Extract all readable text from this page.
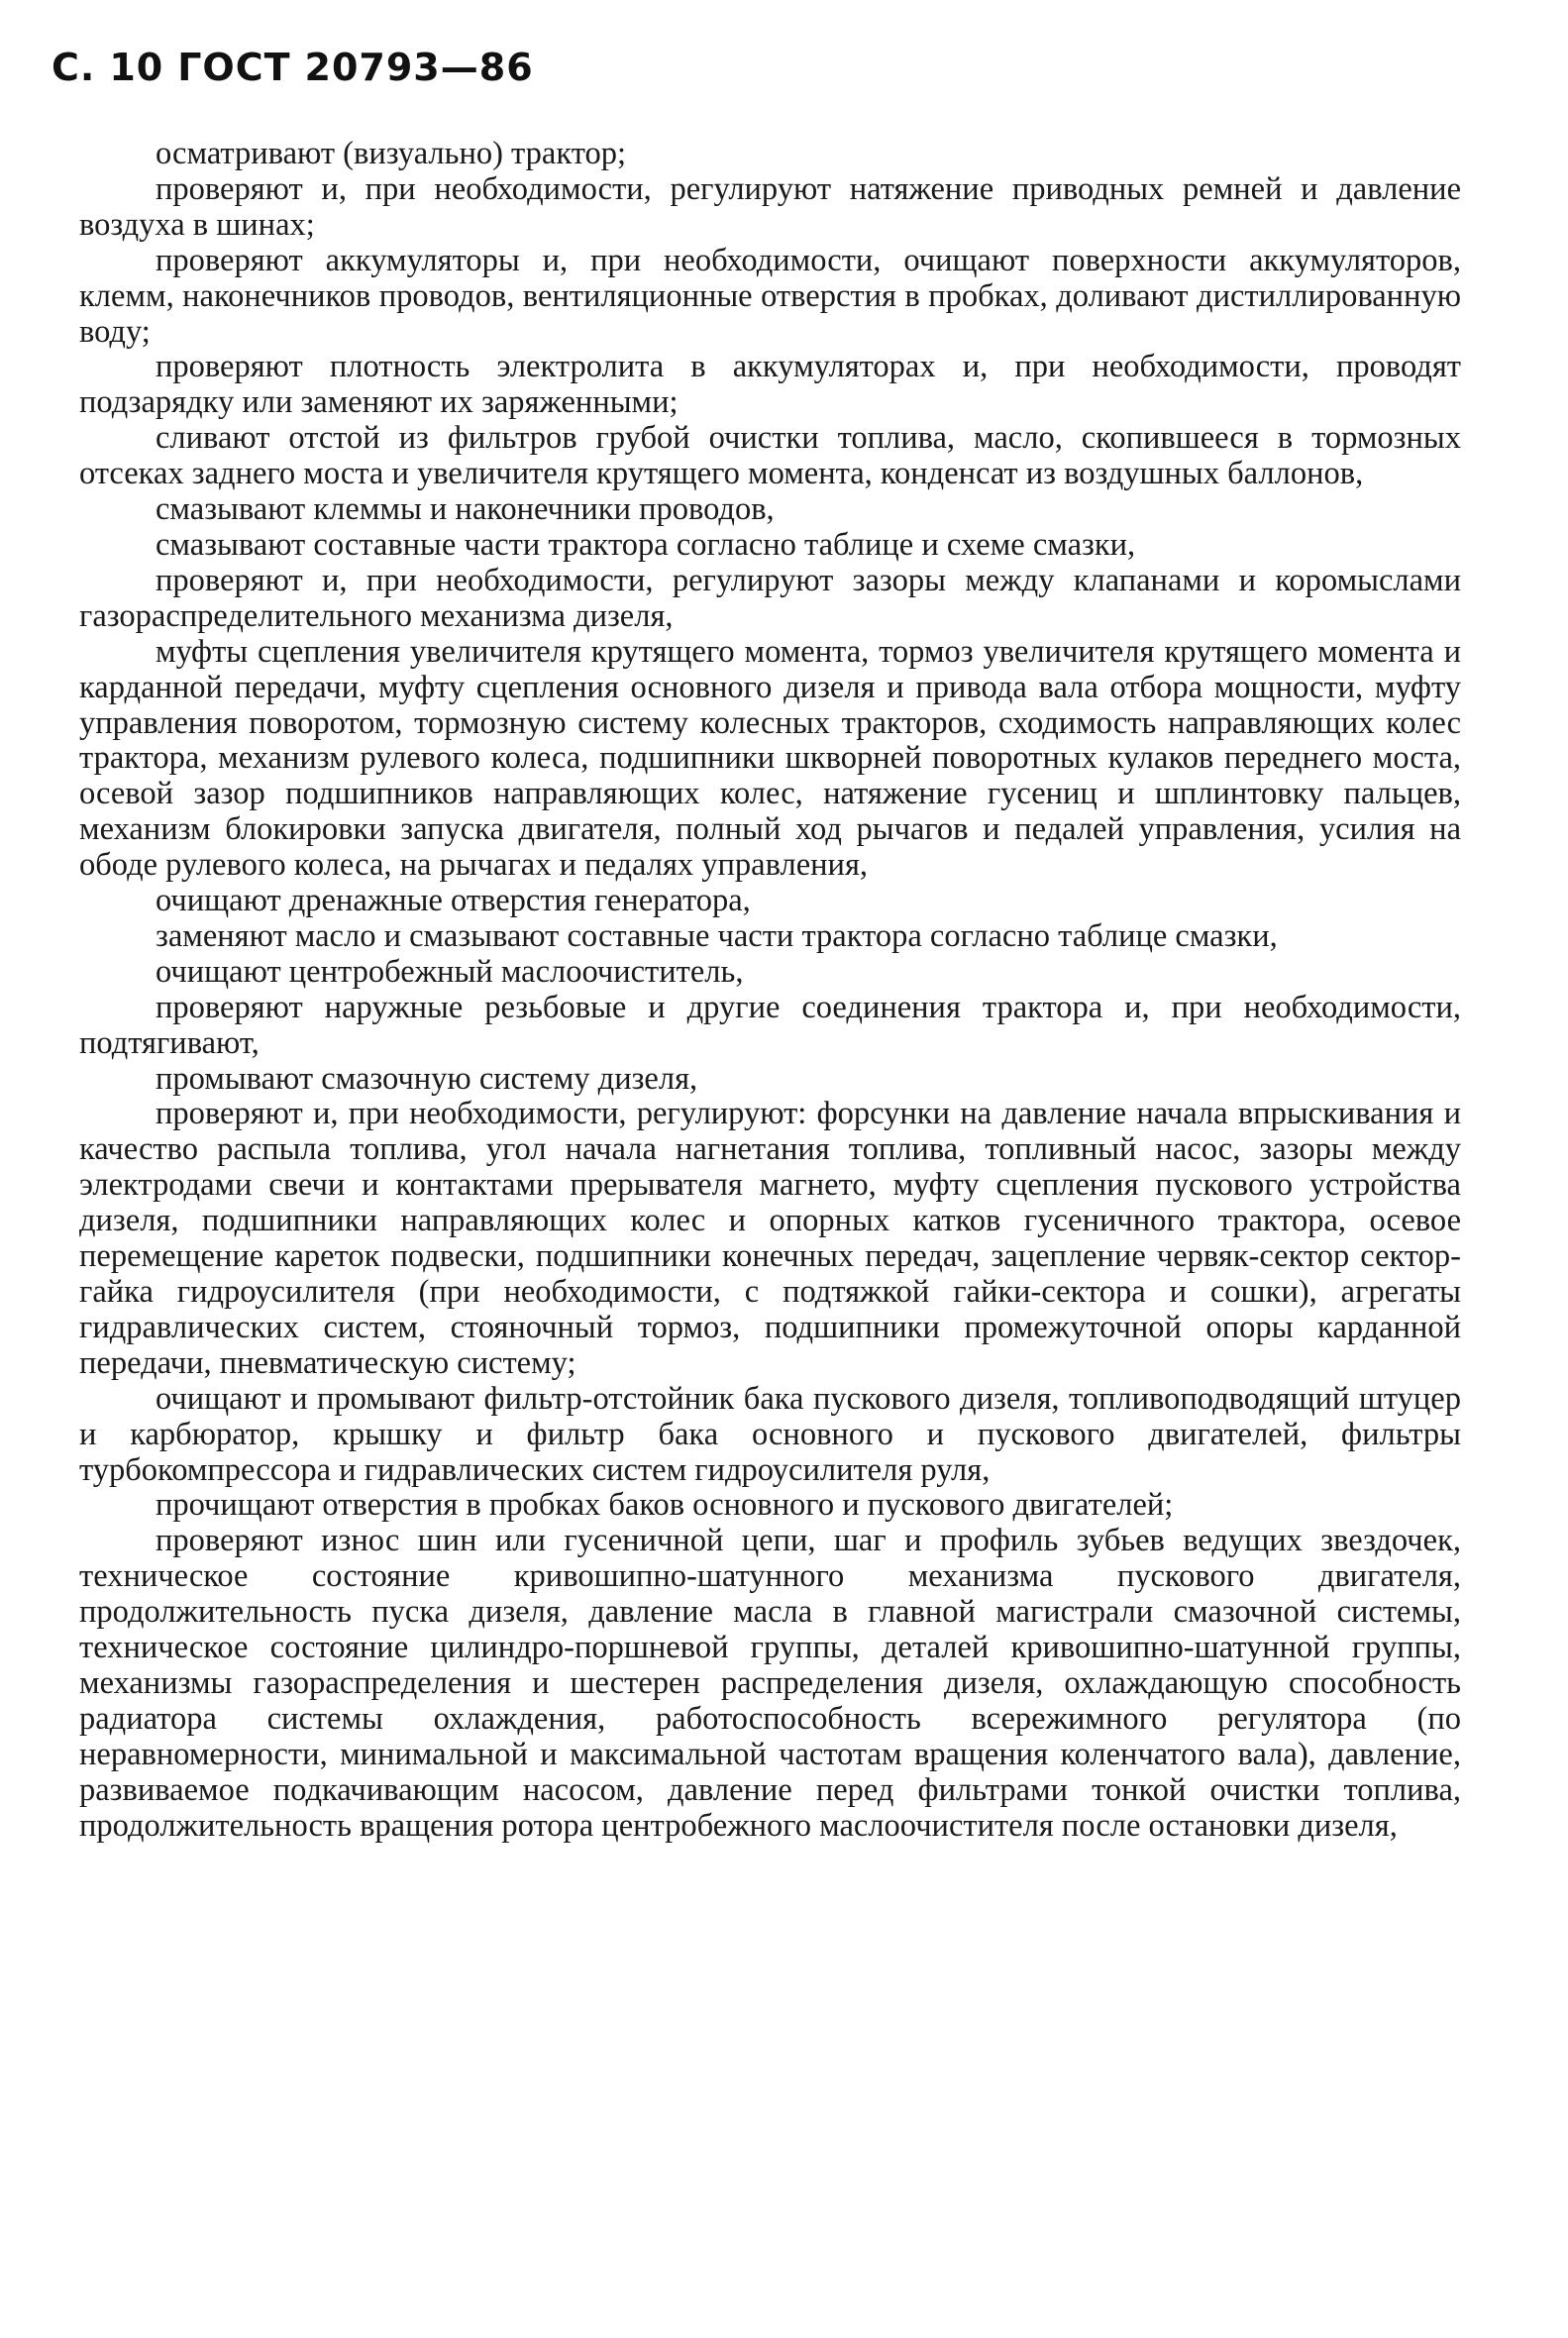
С. 10 ГОСТ 20793—86

осматривают (визуально) трактор;

проверяют и, при необходимости, регулируют натяжение приводных ремней и давление воздуха в шинах;

проверяют аккумуляторы и, при необходимости, очищают поверхности аккумуляторов, клемм, наконечников проводов, вентиляционные отверстия в пробках, доливают дистиллированную воду;

проверяют плотность электролита в аккумуляторах и, при необходимости, проводят подзарядку или заменяют их заряженными;

сливают отстой из фильтров грубой очистки топлива, масло, скопившееся в тормозных отсеках заднего моста и увеличителя крутящего момента, конденсат из воздушных баллонов,

смазывают клеммы и наконечники проводов,

смазывают составные части трактора согласно таблице и схеме смазки,

проверяют и, при необходимости, регулируют зазоры между клапанами и коромыслами газораспределительного механизма дизеля,

муфты сцепления увеличителя крутящего момента, тормоз увеличителя крутящего момента и карданной передачи, муфту сцепления основного дизеля и привода вала отбора мощности, муфту управления поворотом, тормозную систему колесных тракторов, сходимость направляющих колес трактора, механизм рулевого колеса, подшипники шкворней поворотных кулаков переднего моста, осевой зазор подшипников направляющих колес, натяжение гусениц и шплинтовку пальцев, механизм блокировки запуска двигателя, полный ход рычагов и педалей управления, усилия на ободе рулевого колеса, на рычагах и педалях управления,

очищают дренажные отверстия генератора,

заменяют масло и смазывают составные части трактора согласно таблице смазки,

очищают центробежный маслоочиститель,

проверяют наружные резьбовые и другие соединения трактора и, при необходимости, подтягивают,

промывают смазочную систему дизеля,

проверяют и, при необходимости, регулируют: форсунки на давление начала впрыскивания и качество распыла топлива, угол начала нагнетания топлива, топливный насос, зазоры между электродами свечи и контактами прерывателя магнето, муфту сцепления пускового устройства дизеля, подшипники направляющих колес и опорных катков гусеничного трактора, осевое перемещение кареток подвески, подшипники конечных передач, зацепление червяк-сектор сектор-гайка гидроусилителя (при необходимости, с подтяжкой гайки-сектора и сошки), агрегаты гидравлических систем, стояночный тормоз, подшипники промежуточной опоры карданной передачи, пневматическую систему;

очищают и промывают фильтр-отстойник бака пускового дизеля, топливоподводящий штуцер и карбюратор, крышку и фильтр бака основного и пускового двигателей, фильтры турбокомпрессора и гидравлических систем гидроусилителя руля,

прочищают отверстия в пробках баков основного и пускового двигателей;

проверяют износ шин или гусеничной цепи, шаг и профиль зубьев ведущих звездочек, техническое состояние кривошипно-шатунного механизма пускового двигателя, продолжительность пуска дизеля, давление масла в главной магистрали смазочной системы, техническое состояние цилиндро-поршневой группы, деталей кривошипно-шатунной группы, механизмы газораспределения и шестерен распределения дизеля, охлаждающую способность радиатора системы охлаждения, работоспособность всережимного регулятора (по неравномерности, минимальной и максимальной частотам вращения коленчатого вала), давление, развиваемое подкачивающим насосом, давление перед фильтрами тонкой очистки топлива, продолжительность вращения ротора центробежного маслоочистителя после остановки дизеля,
